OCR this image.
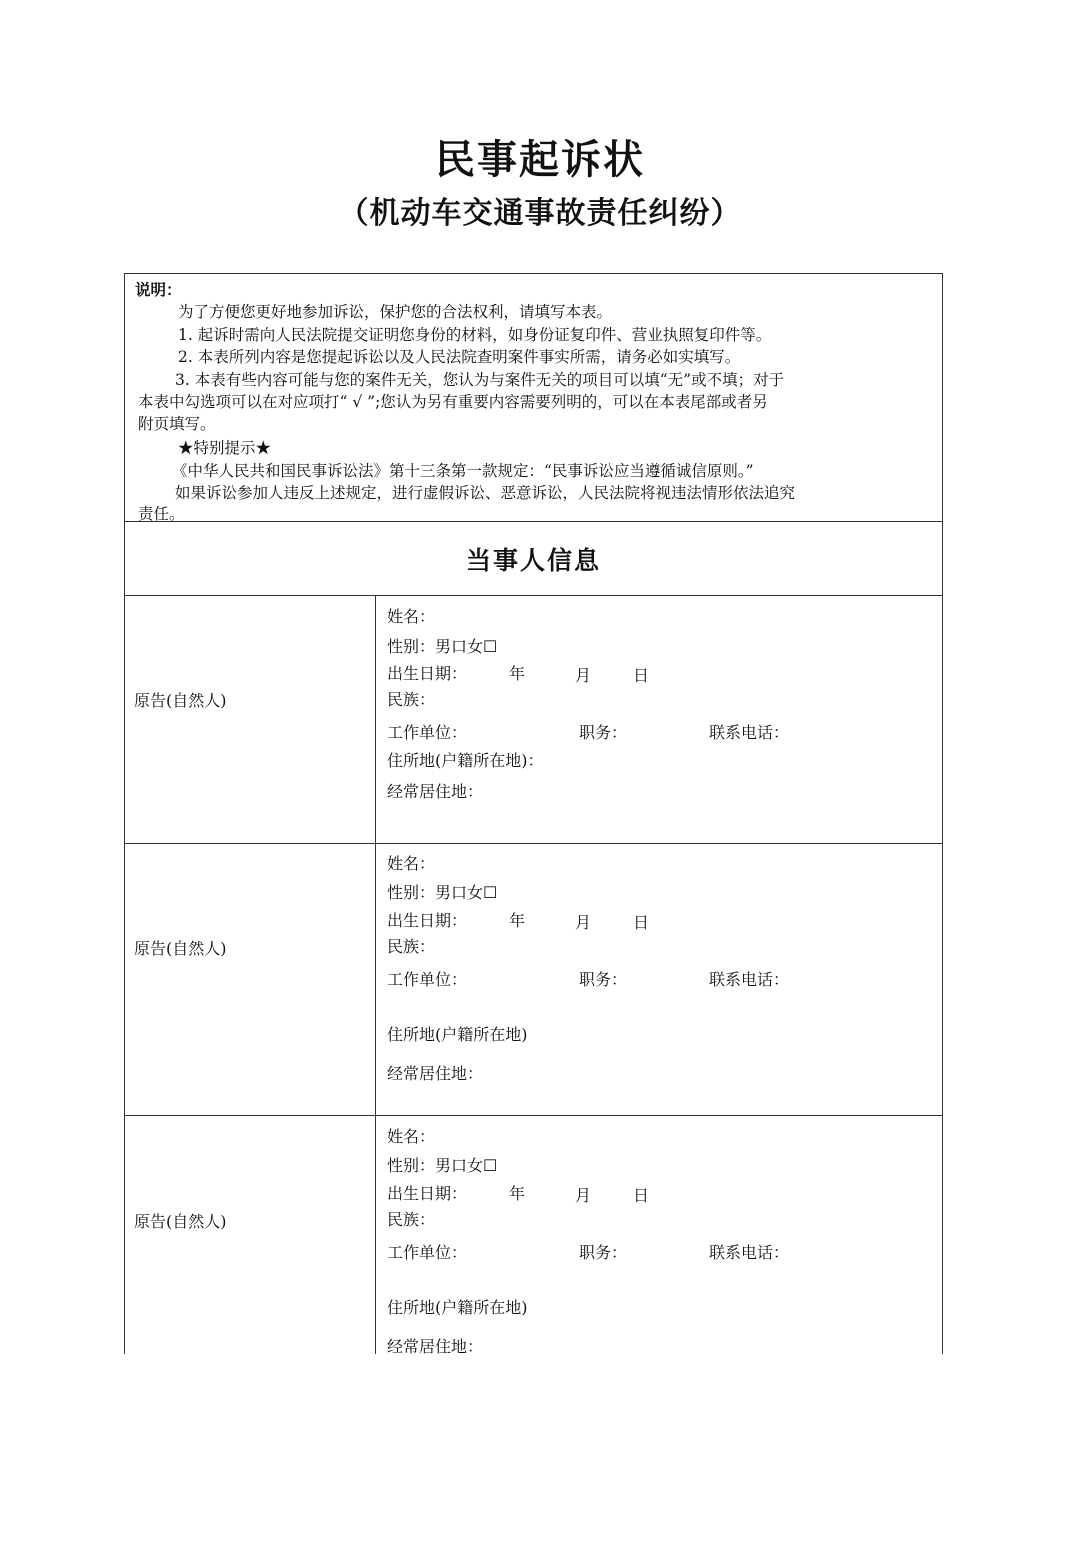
民事起诉状
（机动车交通事故责任纠纷）
说明：
为了方便您更好地参加诉讼，保护您的合法权利，请填写本表。
1. 起诉时需向人民法院提交证明您身份的材料，如身份证复印件、营业执照复印件等。
2. 本表所列内容是您提起诉讼以及人民法院查明案件事实所需，请务必如实填写。
3. 本表有些内容可能与您的案件无关，您认为与案件无关的项目可以填“无”或不填；对于
本表中勾选项可以在对应项打“ √ ”;您认为另有重要内容需要列明的，可以在本表尾部或者另
附页填写。
★特别提示★
《中华人民共和国民事诉讼法》第十三条第一款规定：“民事诉讼应当遵循诚信原则。”
如果诉讼参加人违反上述规定，进行虚假诉讼、恶意诉讼，人民法院将视违法情形依法追究
责任。
当事人信息
原告(自然人)
姓名：
性别：男口女☐
出生日期：	年	月	日
民族：
工作单位：	职务：	联系电话：
住所地(户籍所在地)：
经常居住地：
原告(自然人)
姓名：
性别：男口女☐
出生日期：	年	月	日
民族：
工作单位：	职务：	联系电话：
住所地(户籍所在地)
经常居住地：
原告(自然人)
姓名：
性别：男口女☐
出生日期：	年	月	日
民族：
工作单位：	职务：	联系电话：
住所地(户籍所在地)
经常居住地：
